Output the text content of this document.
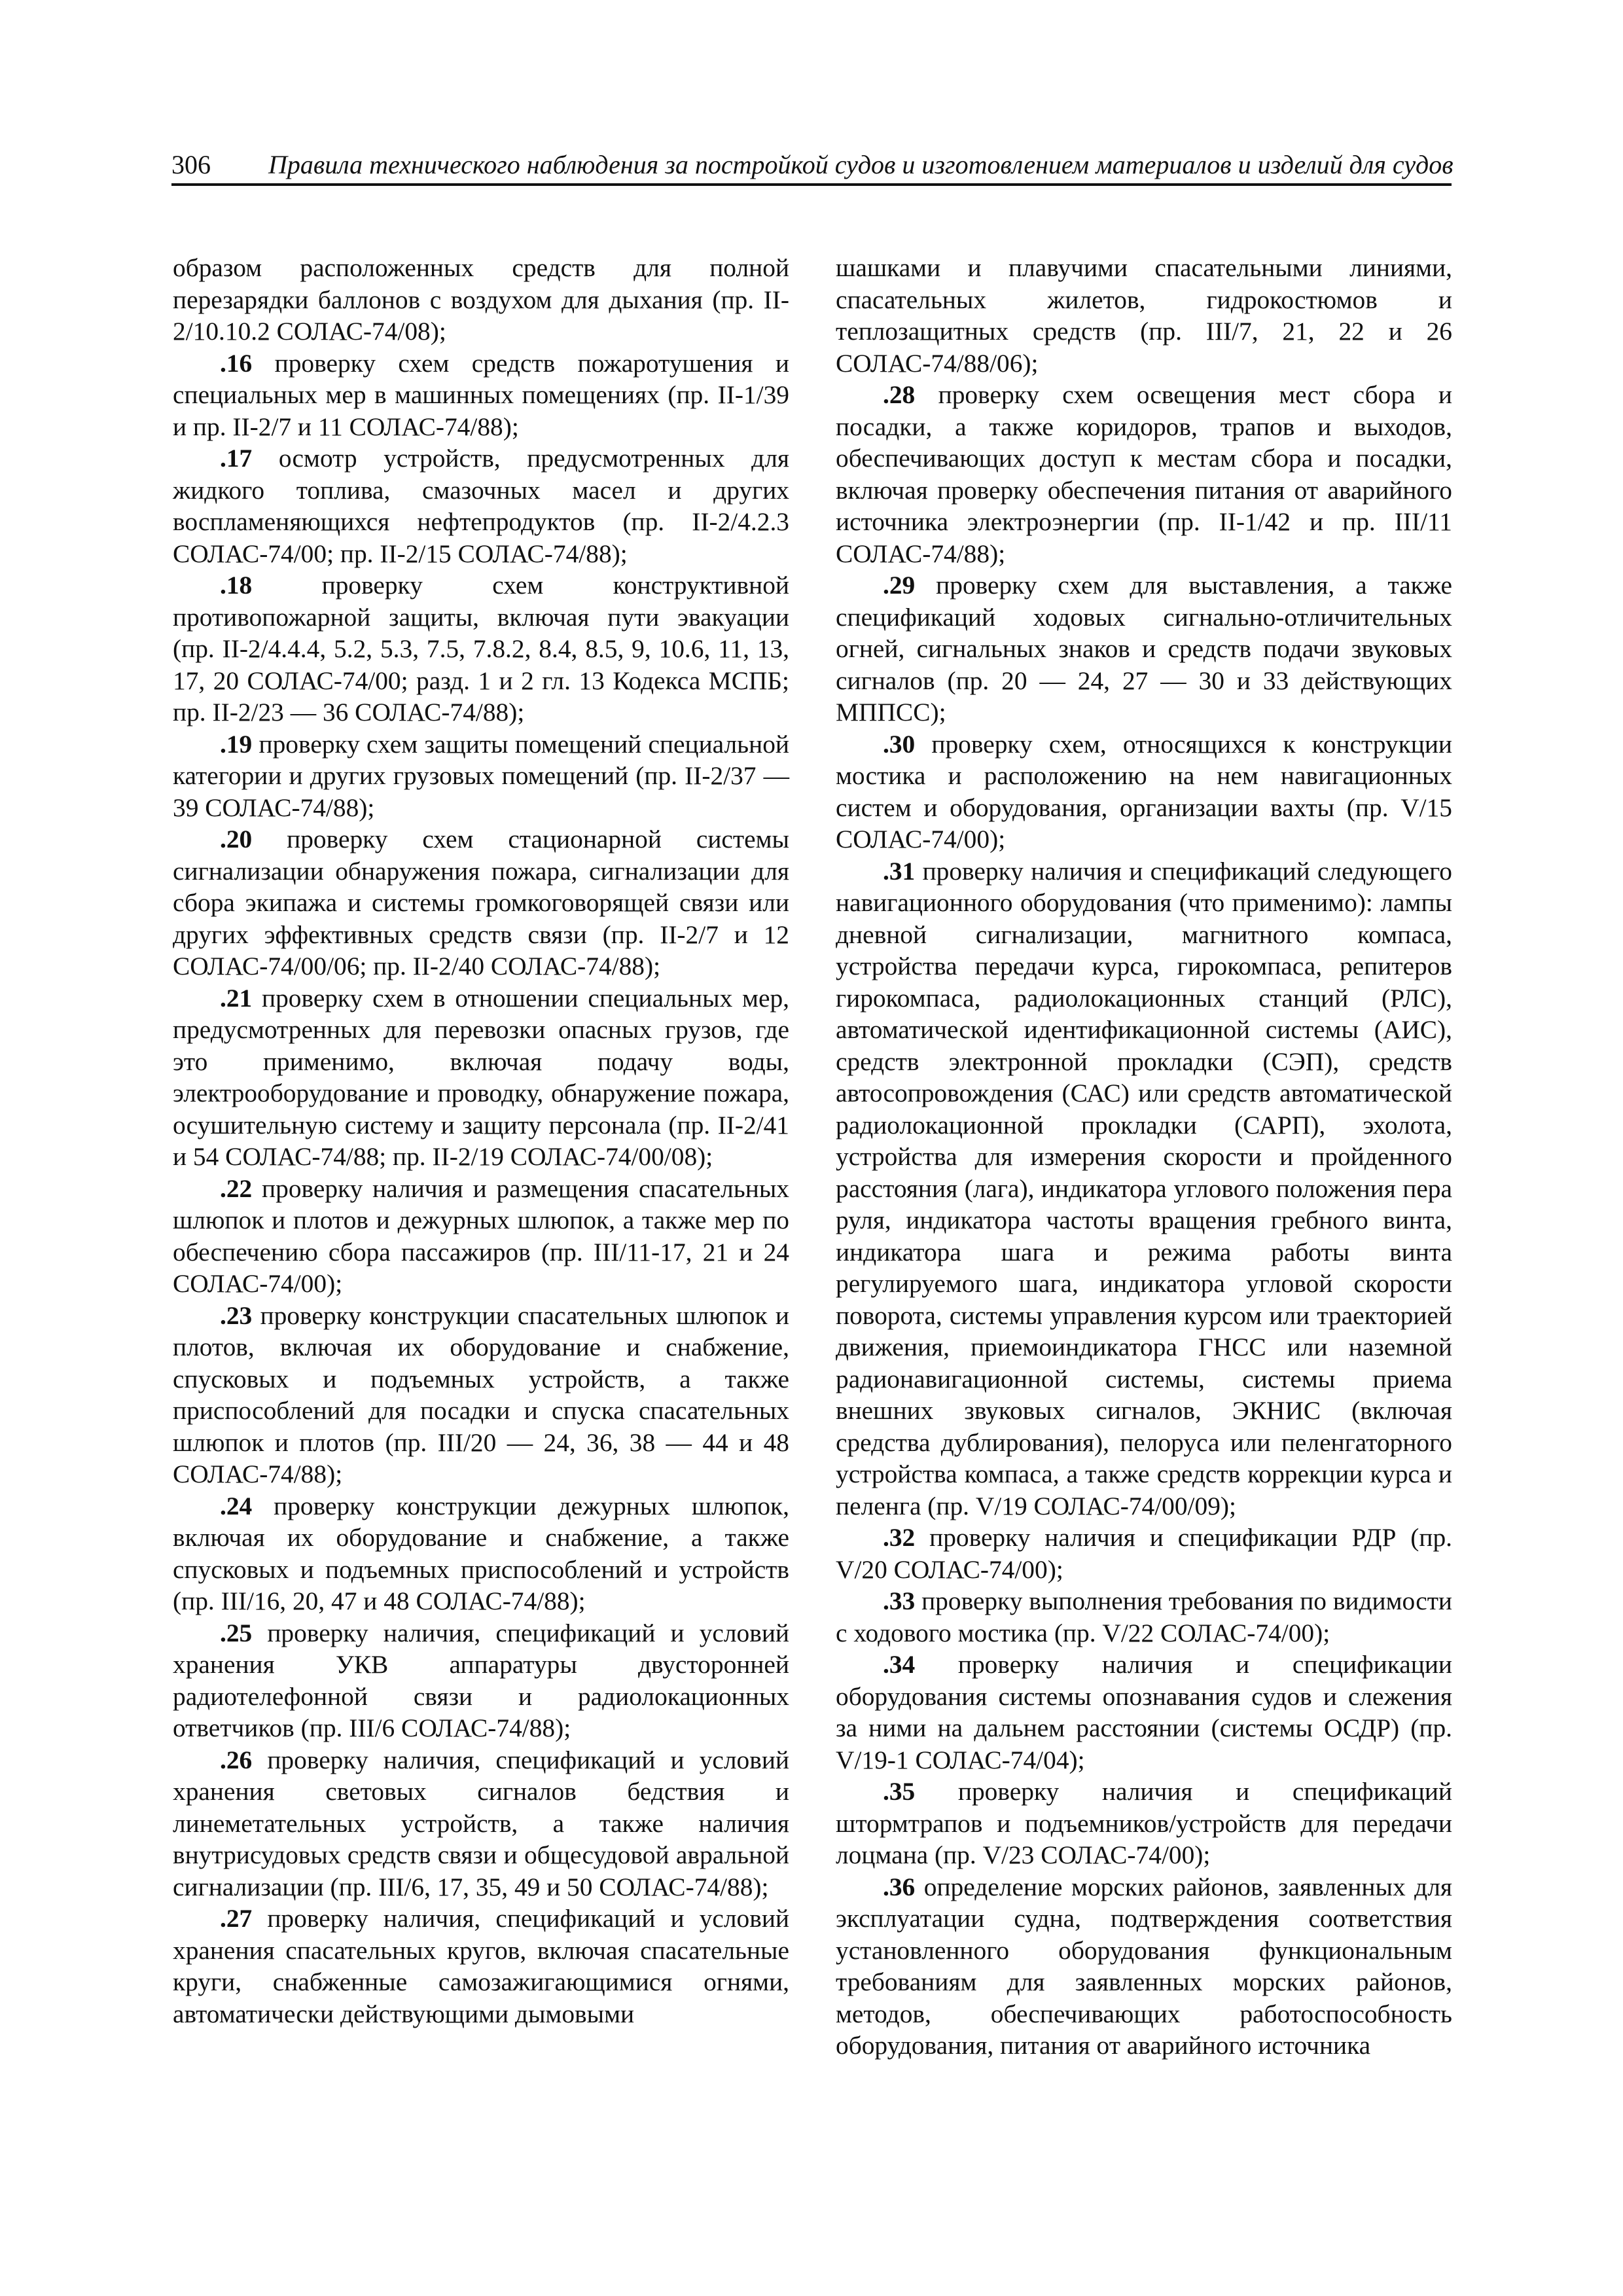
306 Правила технического наблюдения за постройкой судов и изготовлением материалов и изделий для судов

образом расположенных средств для полной перезарядки баллонов с воздухом для дыхания (пр. II-2/10.10.2 СОЛАС-74/08);

.16 проверку схем средств пожаротушения и специальных мер в машинных помещениях (пр. II-1/39 и пр. II-2/7 и 11 СОЛАС-74/88);

.17 осмотр устройств, предусмотренных для жидкого топлива, смазочных масел и других воспламеняющихся нефтепродуктов (пр. II-2/4.2.3 СОЛАС-74/00; пр. II-2/15 СОЛАС-74/88);

.18 проверку схем конструктивной противопожарной защиты, включая пути эвакуации (пр. II-2/4.4.4, 5.2, 5.3, 7.5, 7.8.2, 8.4, 8.5, 9, 10.6, 11, 13, 17, 20 СОЛАС-74/00; разд. 1 и 2 гл. 13 Кодекса МСПБ; пр. II-2/23 — 36 СОЛАС-74/88);

.19 проверку схем защиты помещений специальной категории и других грузовых помещений (пр. II-2/37 — 39 СОЛАС-74/88);

.20 проверку схем стационарной системы сигнализации обнаружения пожара, сигнализации для сбора экипажа и системы громкоговорящей связи или других эффективных средств связи (пр. II-2/7 и 12 СОЛАС-74/00/06; пр. II-2/40 СОЛАС-74/88);

.21 проверку схем в отношении специальных мер, предусмотренных для перевозки опасных грузов, где это применимо, включая подачу воды, электрооборудование и проводку, обнаружение пожара, осушительную систему и защиту персонала (пр. II-2/41 и 54 СОЛАС-74/88; пр. II-2/19 СОЛАС-74/00/08);

.22 проверку наличия и размещения спасательных шлюпок и плотов и дежурных шлюпок, а также мер по обеспечению сбора пассажиров (пр. III/11-17, 21 и 24 СОЛАС-74/00);

.23 проверку конструкции спасательных шлюпок и плотов, включая их оборудование и снабжение, спусковых и подъемных устройств, а также приспособлений для посадки и спуска спасательных шлюпок и плотов (пр. III/20 — 24, 36, 38 — 44 и 48 СОЛАС-74/88);

.24 проверку конструкции дежурных шлюпок, включая их оборудование и снабжение, а также спусковых и подъемных приспособлений и устройств (пр. III/16, 20, 47 и 48 СОЛАС-74/88);

.25 проверку наличия, спецификаций и условий хранения УКВ аппаратуры двусторонней радиотелефонной связи и радиолокационных ответчиков (пр. III/6 СОЛАС-74/88);

.26 проверку наличия, спецификаций и условий хранения световых сигналов бедствия и линеметательных устройств, а также наличия внутрисудовых средств связи и общесудовой авральной сигнализации (пр. III/6, 17, 35, 49 и 50 СОЛАС-74/88);

.27 проверку наличия, спецификаций и условий хранения спасательных кругов, включая спасательные круги, снабженные самозажигающимися огнями, автоматически действующими дымовыми

шашками и плавучими спасательными линиями, спасательных жилетов, гидрокостюмов и теплозащитных средств (пр. III/7, 21, 22 и 26 СОЛАС-74/88/06);

.28 проверку схем освещения мест сбора и посадки, а также коридоров, трапов и выходов, обеспечивающих доступ к местам сбора и посадки, включая проверку обеспечения питания от аварийного источника электроэнергии (пр. II-1/42 и пр. III/11 СОЛАС-74/88);

.29 проверку схем для выставления, а также спецификаций ходовых сигнально-отличительных огней, сигнальных знаков и средств подачи звуковых сигналов (пр. 20 — 24, 27 — 30 и 33 действующих МППСС);

.30 проверку схем, относящихся к конструкции мостика и расположению на нем навигационных систем и оборудования, организации вахты (пр. V/15 СОЛАС-74/00);

.31 проверку наличия и спецификаций следующего навигационного оборудования (что применимо): лампы дневной сигнализации, магнитного компаса, устройства передачи курса, гирокомпаса, репитеров гирокомпаса, радиолокационных станций (РЛС), автоматической идентификационной системы (АИС), средств электронной прокладки (СЭП), средств автосопровождения (САС) или средств автоматической радиолокационной прокладки (САРП), эхолота, устройства для измерения скорости и пройденного расстояния (лага), индикатора углового положения пера руля, индикатора частоты вращения гребного винта, индикатора шага и режима работы винта регулируемого шага, индикатора угловой скорости поворота, системы управления курсом или траекторией движения, приемоиндикатора ГНСС или наземной радионавигационной системы, системы приема внешних звуковых сигналов, ЭКНИС (включая средства дублирования), пелоруса или пеленгаторного устройства компаса, а также средств коррекции курса и пеленга (пр. V/19 СОЛАС-74/00/09);

.32 проверку наличия и спецификации РДР (пр. V/20 СОЛАС-74/00);

.33 проверку выполнения требования по видимости с ходового мостика (пр. V/22 СОЛАС-74/00);

.34 проверку наличия и спецификации оборудования системы опознавания судов и слежения за ними на дальнем расстоянии (системы ОСДР) (пр. V/19-1 СОЛАС-74/04);

.35 проверку наличия и спецификаций штормтрапов и подъемников/устройств для передачи лоцмана (пр. V/23 СОЛАС-74/00);

.36 определение морских районов, заявленных для эксплуатации судна, подтверждения соответствия установленного оборудования функциональным требованиям для заявленных морских районов, методов, обеспечивающих работоспособность оборудования, питания от аварийного источника
